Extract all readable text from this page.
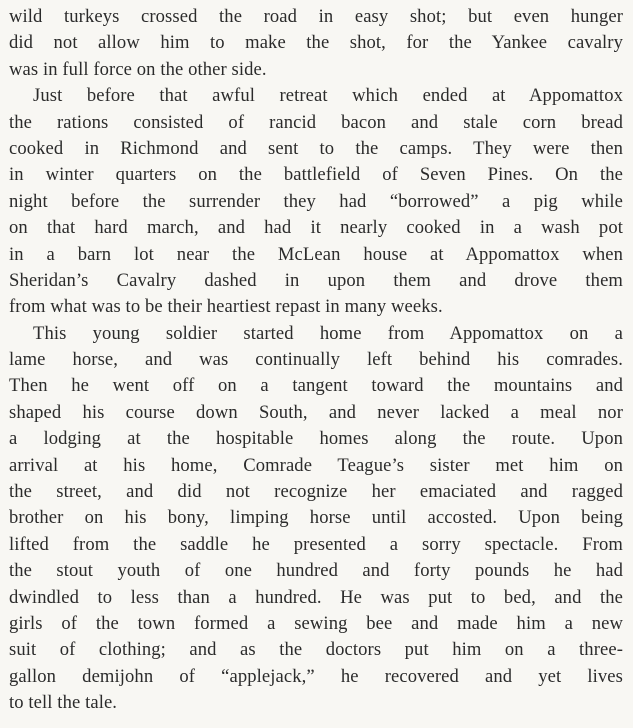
wild turkeys crossed the road in easy shot; but even hunger
did not allow him to make the shot, for the Yankee cavalry
was in full force on the other side.
Just before that awful retreat which ended at Appomattox
the rations consisted of rancid bacon and stale corn bread
cooked in Richmond and sent to the camps. They were then
in winter quarters on the battlefield of Seven Pines. On the
night before the surrender they had “borrowed” a pig while
on that hard march, and had it nearly cooked in a wash pot
in a barn lot near the McLean house at Appomattox when
Sheridan’s Cavalry dashed in upon them and drove them
from what was to be their heartiest repast in many weeks.
This young soldier started home from Appomattox on a
lame horse, and was continually left behind his comrades.
Then he went off on a tangent toward the mountains and
shaped his course down South, and never lacked a meal nor
a lodging at the hospitable homes along the route. Upon
arrival at his home, Comrade Teague’s sister met him on
the street, and did not recognize her emaciated and ragged
brother on his bony, limping horse until accosted. Upon being
lifted from the saddle he presented a sorry spectacle. From
the stout youth of one hundred and forty pounds he had
dwindled to less than a hundred. He was put to bed, and the
girls of the town formed a sewing bee and made him a new
suit of clothing; and as the doctors put him on a three-
gallon demijohn of “applejack,” he recovered and yet lives
to tell the tale.
